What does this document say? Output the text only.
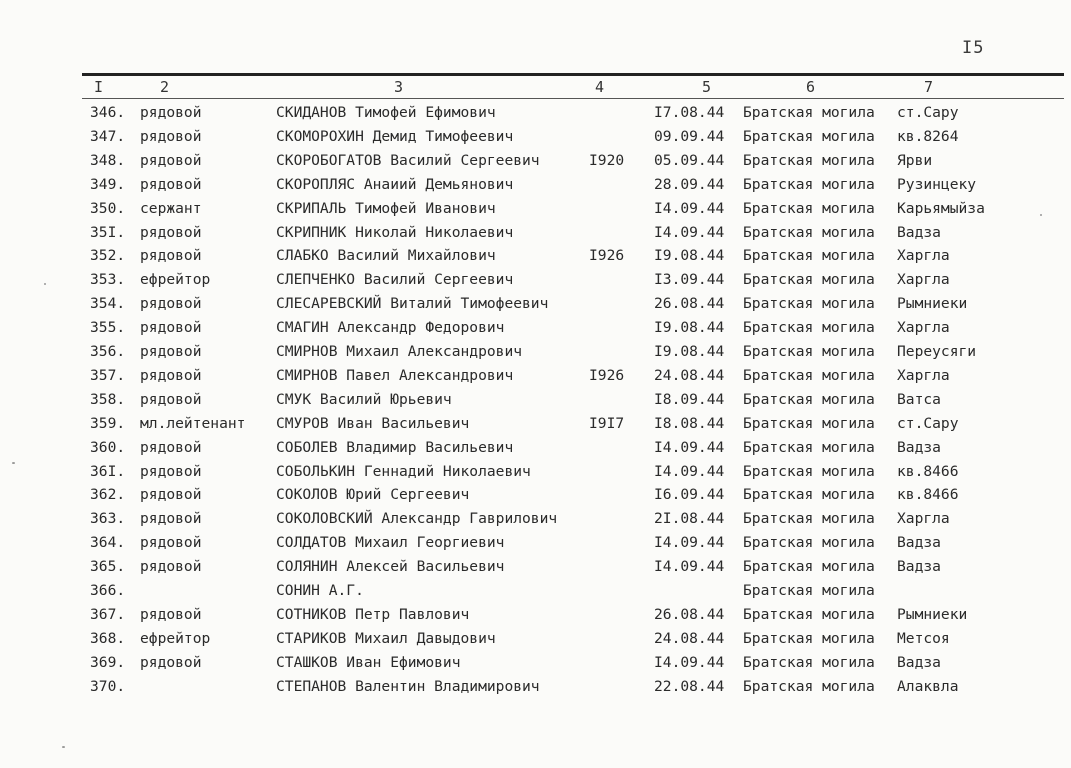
I5
I	2	3	4	5	6	7
346. рядовой	СКИДАНОВ Тимофей Ефимович	I7.08.44 Братская могила ст.Сару
347. рядовой	СКОМОРОХИН Демид Тимофеевич	09.09.44 Братская могила кв.8264
348. рядовой	СКОРОБОГАТОВ Василий Сергеевич	I920 05.09.44 Братская могила Ярви
349. рядовой	СКОРОПЛЯС Анаиий Демьянович	28.09.44 Братская могила Рузинцеку
350. сержант	СКРИПАЛЬ Тимофей Иванович	I4.09.44 Братская могила Карьямыйза
35I. рядовой	СКРИПНИК Николай Николаевич	I4.09.44 Братская могила Вадза
352. рядовой	СЛАБКО Василий Михайлович	I926 I9.08.44 Братская могила Харгла
353. ефрейтор	СЛЕПЧЕНКО Василий Сергеевич	I3.09.44 Братская могила Харгла
354. рядовой	СЛЕСАРЕВСКИЙ Виталий Тимофеевич	26.08.44 Братская могила Рымниеки
355. рядовой	СМАГИН Александр Федорович	I9.08.44 Братская могила Харгла
356. рядовой	СМИРНОВ Михаил Александрович	I9.08.44 Братская могила Переусяги
357. рядовой	СМИРНОВ Павел Александрович	I926 24.08.44 Братская могила Харгла
358. рядовой	СМУК Василий Юрьевич	I8.09.44 Братская могила Ватса
359. мл.лейтенант СМУРОВ Иван Васильевич	I9I7 I8.08.44 Братская могила ст.Сару
360. рядовой	СОБОЛЕВ Владимир Васильевич	I4.09.44 Братская могила Вадза
36I. рядовой	СОБОЛЬКИН Геннадий Николаевич	I4.09.44 Братская могила кв.8466
362. рядовой	СОКОЛОВ Юрий Сергеевич	I6.09.44 Братская могила кв.8466
363. рядовой	СОКОЛОВСКИЙ Александр Гаврилович	2I.08.44 Братская могила Харгла
364. рядовой	СОЛДАТОВ Михаил Георгиевич	I4.09.44 Братская могила Вадза
365. рядовой	СОЛЯНИН Алексей Васильевич	I4.09.44 Братская могила Вадза
366.	СОНИН А.Г.	Братская могила
367. рядовой	СОТНИКОВ Петр Павлович	26.08.44 Братская могила Рымниеки
368. ефрейтор	СТАРИКОВ Михаил Давыдович	24.08.44 Братская могила Метсоя
369. рядовой	СТАШКОВ Иван Ефимович	I4.09.44 Братская могила Вадза
370.	СТЕПАНОВ Валентин Владимирович	22.08.44 Братская могила Алаквла
